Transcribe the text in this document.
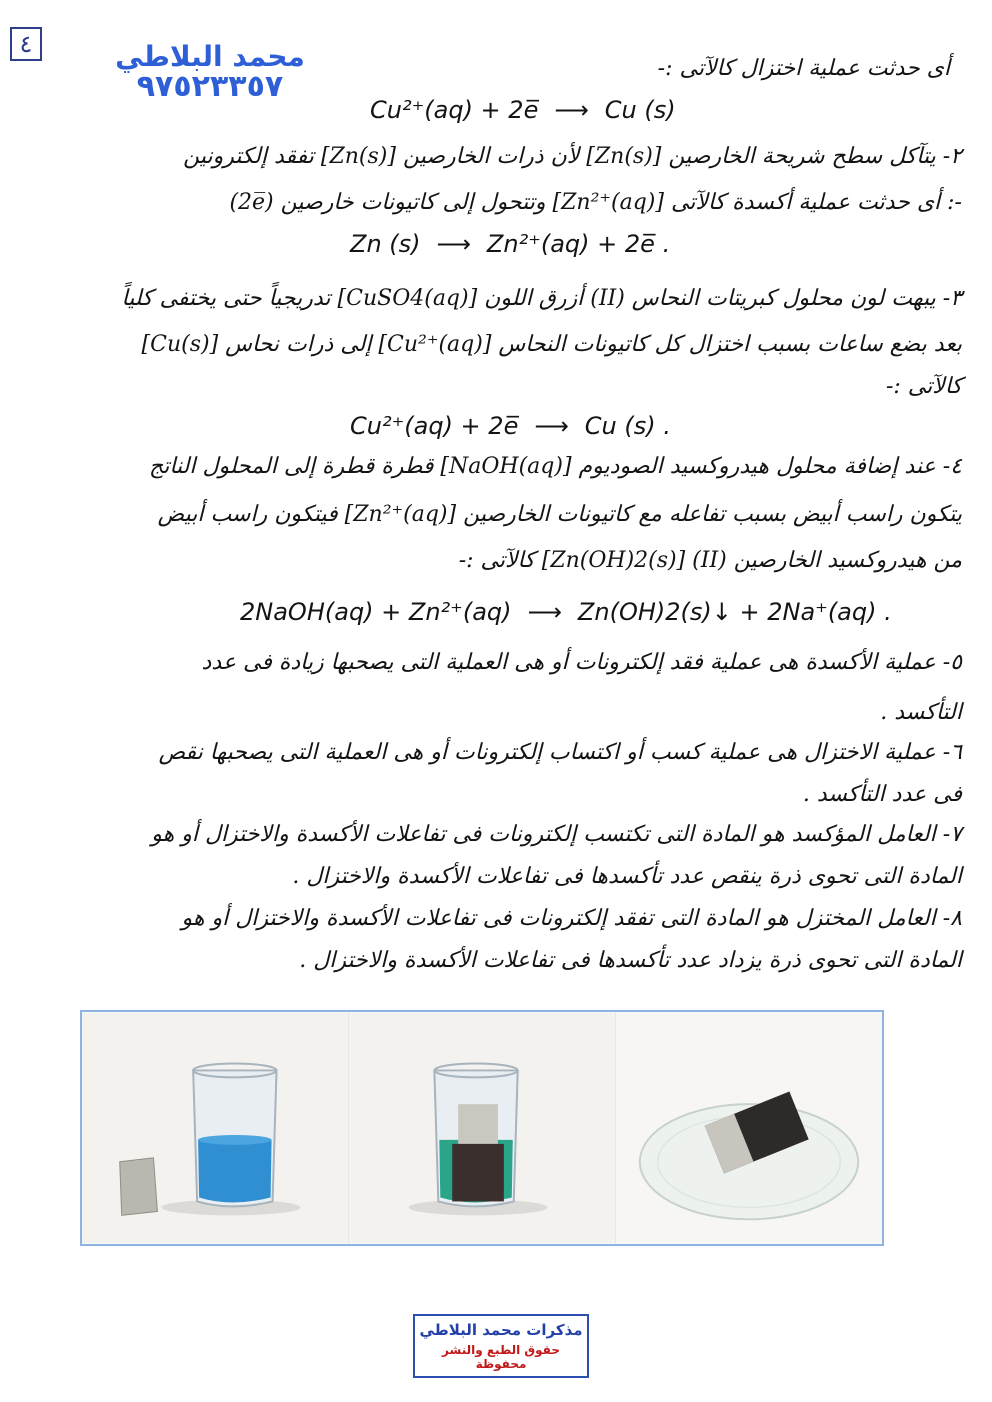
٤	محمد البلاطي
٩٧٥٢٣٣٥٧
أى حدثت عملية اختزال كالآتى :-
Cu²⁺(aq) + 2e̅ ⟶ Cu (s)
٢- يتآكل سطح شريحة الخارصين [Zn(s)] لأن ذرات الخارصين [Zn(s)] تفقد إلكترونين
(2e̅) وتتحول إلى كاتيونات خارصين [Zn²⁺(aq)] أى حدثت عملية أكسدة كالآتى :-
Zn (s) ⟶ Zn²⁺(aq) + 2e̅ .
٣- يبهت لون محلول كبريتات النحاس (II) أزرق اللون [CuSO4(aq)] تدريجياً حتى يختفى كلياً
بعد بضع ساعات بسبب اختزال كل كاتيونات النحاس [Cu²⁺(aq)] إلى ذرات نحاس [Cu(s)]
كالآتى :-
Cu²⁺(aq) + 2e̅ ⟶ Cu (s) .
٤- عند إضافة محلول هيدروكسيد الصوديوم [NaOH(aq)] قطرة قطرة إلى المحلول الناتج
يتكون راسب أبيض بسبب تفاعله مع كاتيونات الخارصين [Zn²⁺(aq)] فيتكون راسب أبيض
من هيدروكسيد الخارصين (II) [Zn(OH)2(s)] كالآتى :-
2NaOH(aq) + Zn²⁺(aq) ⟶ Zn(OH)2(s)↓ + 2Na⁺(aq) .
٥- عملية الأكسدة هى عملية فقد إلكترونات أو هى العملية التى يصحبها زيادة فى عدد
التأكسد .
٦- عملية الاختزال هى عملية كسب أو اكتساب إلكترونات أو هى العملية التى يصحبها نقص
فى عدد التأكسد .
٧- العامل المؤكسد هو المادة التى تكتسب إلكترونات فى تفاعلات الأكسدة والاختزال أو هو
المادة التى تحوى ذرة ينقص عدد تأكسدها فى تفاعلات الأكسدة والاختزال .
٨- العامل المختزل هو المادة التى تفقد إلكترونات فى تفاعلات الأكسدة والاختزال أو هو
المادة التى تحوى ذرة يزداد عدد تأكسدها فى تفاعلات الأكسدة والاختزال .
مذكرات محمد البلاطي
حقوق الطبع والنشر محفوظة
